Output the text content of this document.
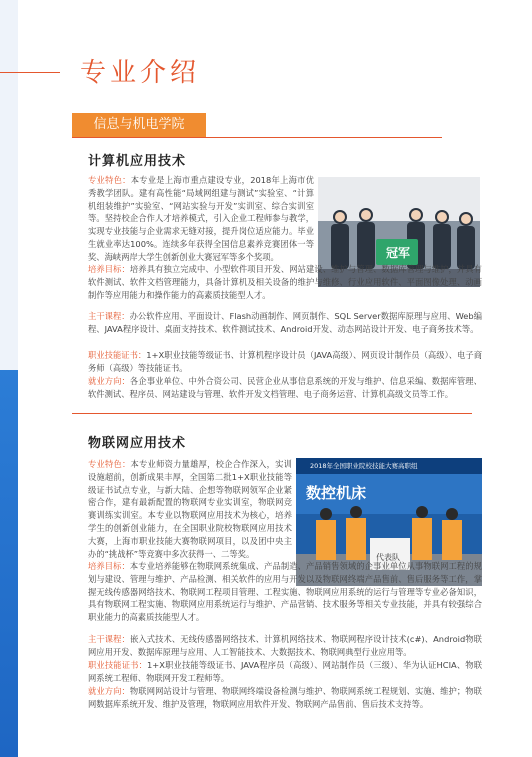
专业介绍
信息与机电学院
计算机应用技术
冠军

专业特色：本专业是上海市重点建设专业，2018年上海市优秀教学团队。建有高性能“局域网组建与测试”实验室、“计算机组装维护”实验室、“网站实验与开发”实训室、综合实训室等。坚持校企合作人才培养模式，引入企业工程师参与教学，实现专业技能与企业需求无缝对接，提升岗位适应能力。毕业生就业率达100%。连续多年获得全国信息素养竞赛团体一等奖、海峡两岸大学生创新创业大赛冠军等多个奖项。

培养目标：培养具有独立完成中、小型软件项目开发、网站建设、维护与管理、数据库管理与维护，并具有软件测试、软件文档管理能力，具备计算机及相关设备的维护与维修、行业应用软件、平面图像处理、动画制作等应用能力和操作能力的高素质技能型人才。

主干课程：办公软件应用、平面设计、Flash动画制作、网页制作、SQL Server数据库原理与应用、Web编程、JAVA程序设计、桌面支持技术、软件测试技术、Android开发、动态网站设计开发、电子商务技术等。

职业技能证书：1+X职业技能等级证书、计算机程序设计员（JAVA高级）、网页设计制作员（高级）、电子商务师（高级）等技能证书。

就业方向：各企事业单位、中外合资公司、民营企业从事信息系统的开发与维护、信息采编、数据库管理、软件测试、程序员、网站建设与管理、软件开发文档管理、电子商务运营、计算机高级文员等工作。

物联网应用技术
2018年全国职业院校技能大赛高职组
数控机床
代表队

专业特色：本专业师资力量雄厚，校企合作深入，实训设施超前，创新成果丰厚，全国第二批1+X职业技能等级证书试点专业，与新大陆、企想等物联网领军企业紧密合作，建有最新配置的物联网专业实训室，物联网竞赛训练实训室。本专业以物联网应用技术为核心，培养学生的创新创业能力，在全国职业院校物联网应用技术大赛，上海市职业技能大赛物联网项目，以及团中央主办的“挑战杯”等竞赛中多次获得一、二等奖。

培养目标：本专业培养能够在物联网系统集成、产品制造、产品销售领域的企事业单位从事物联网工程的规划与建设、管理与维护、产品检测、相关软件的应用与开发以及物联网终端产品售前、售后服务等工作，掌握无线传感器网络技术、物联网工程项目管理、工程实施、物联网应用系统的运行与管理等专业必备知识，具有物联网工程实施、物联网应用系统运行与维护、产品营销、技术服务等相关专业技能，并具有较强综合职业能力的高素质技能型人才。

主干课程：嵌入式技术、无线传感器网络技术、计算机网络技术、物联网程序设计技术(c#)、Android物联网应用开发、数据库原理与应用、人工智能技术、大数据技术、物联网典型行业应用等。

职业技能证书：1+X职业技能等级证书、JAVA程序员（高级）、网站制作员（三级）、华为认证HCIA、物联网系统工程师、物联网开发工程师等。

就业方向：物联网网站设计与管理、物联网终端设备检测与维护、物联网系统工程规划、实施、维护；物联网数据库系统开发、维护及管理，物联网应用软件开发、物联网产品售前、售后技术支持等。
